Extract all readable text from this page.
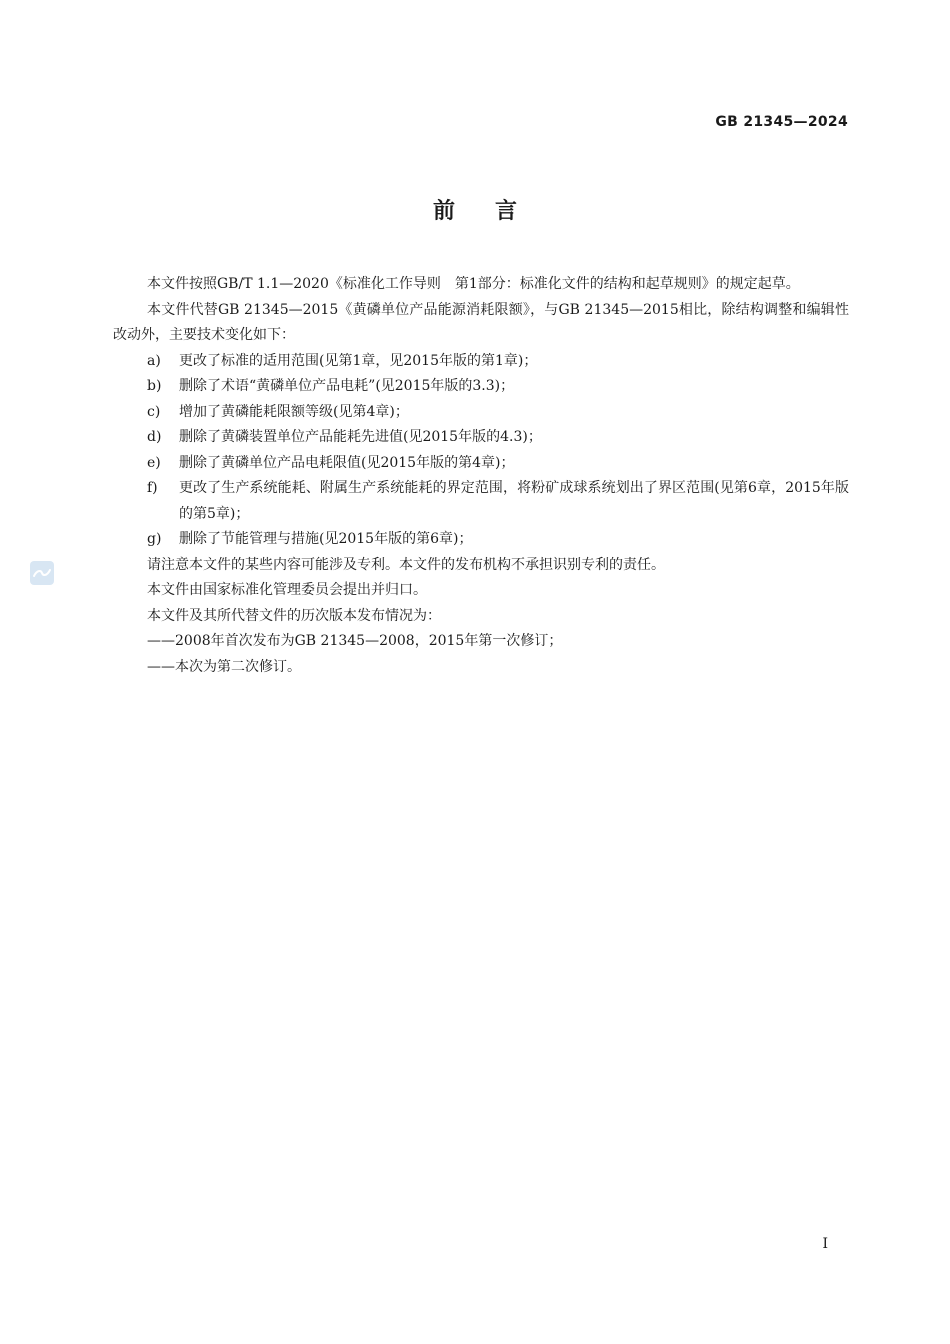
GB 21345—2024
前言

本文件按照GB/T 1.1—2020《标准化工作导则　第1部分：标准化文件的结构和起草规则》的规定起草。

本文件代替GB 21345—2015《黄磷单位产品能源消耗限额》，与GB 21345—2015相比，除结构调整和编辑性改动外，主要技术变化如下：

a) 更改了标准的适用范围(见第1章，见2015年版的第1章)；
b) 删除了术语“黄磷单位产品电耗”(见2015年版的3.3)；
c) 增加了黄磷能耗限额等级(见第4章)；
d) 删除了黄磷装置单位产品能耗先进值(见2015年版的4.3)；
e) 删除了黄磷单位产品电耗限值(见2015年版的第4章)；
f) 更改了生产系统能耗、附属生产系统能耗的界定范围，将粉矿成球系统划出了界区范围(见第6章，2015年版的第5章)；
g) 删除了节能管理与措施(见2015年版的第6章)；

请注意本文件的某些内容可能涉及专利。本文件的发布机构不承担识别专利的责任。

本文件由国家标准化管理委员会提出并归口。

本文件及其所代替文件的历次版本发布情况为：

——2008年首次发布为GB 21345—2008，2015年第一次修订；
——本次为第二次修订。
I
